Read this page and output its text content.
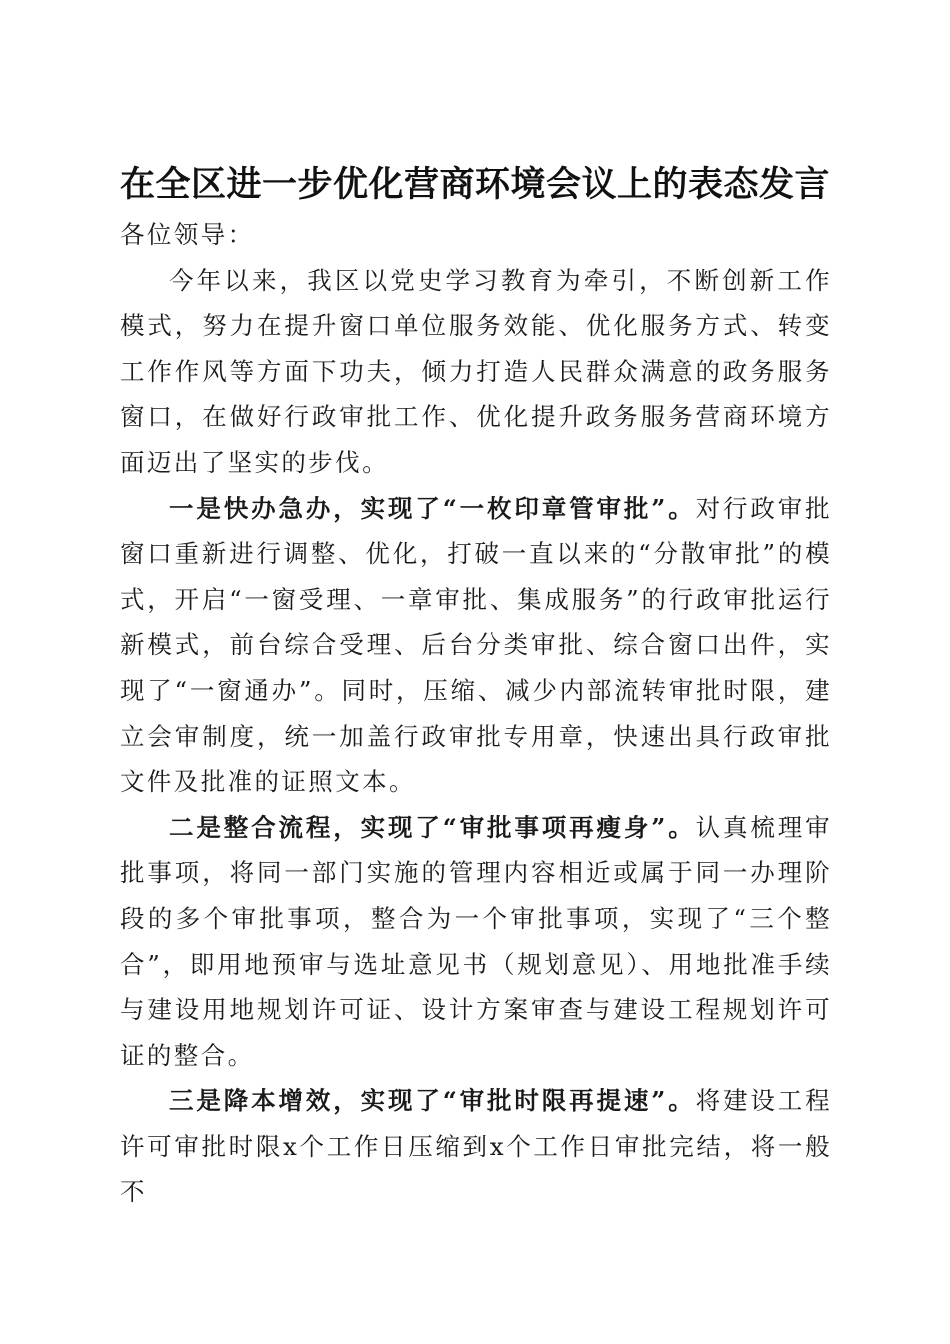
在全区进一步优化营商环境会议上的表态发言

各位领导：

今年以来，我区以党史学习教育为牵引，不断创新工作模式，努力在提升窗口单位服务效能、优化服务方式、转变工作作风等方面下功夫，倾力打造人民群众满意的政务服务窗口，在做好行政审批工作、优化提升政务服务营商环境方面迈出了坚实的步伐。

一是快办急办，实现了“一枚印章管审批”。对行政审批窗口重新进行调整、优化，打破一直以来的“分散审批”的模式，开启“一窗受理、一章审批、集成服务”的行政审批运行新模式，前台综合受理、后台分类审批、综合窗口出件，实现了“一窗通办”。同时，压缩、减少内部流转审批时限，建立会审制度，统一加盖行政审批专用章，快速出具行政审批文件及批准的证照文本。

二是整合流程，实现了“审批事项再瘦身”。认真梳理审批事项，将同一部门实施的管理内容相近或属于同一办理阶段的多个审批事项，整合为一个审批事项，实现了“三个整合”，即用地预审与选址意见书（规划意见）、用地批准手续与建设用地规划许可证、设计方案审查与建设工程规划许可证的整合。

三是降本增效，实现了“审批时限再提速”。将建设工程许可审批时限x个工作日压缩到x个工作日审批完结，将一般不
